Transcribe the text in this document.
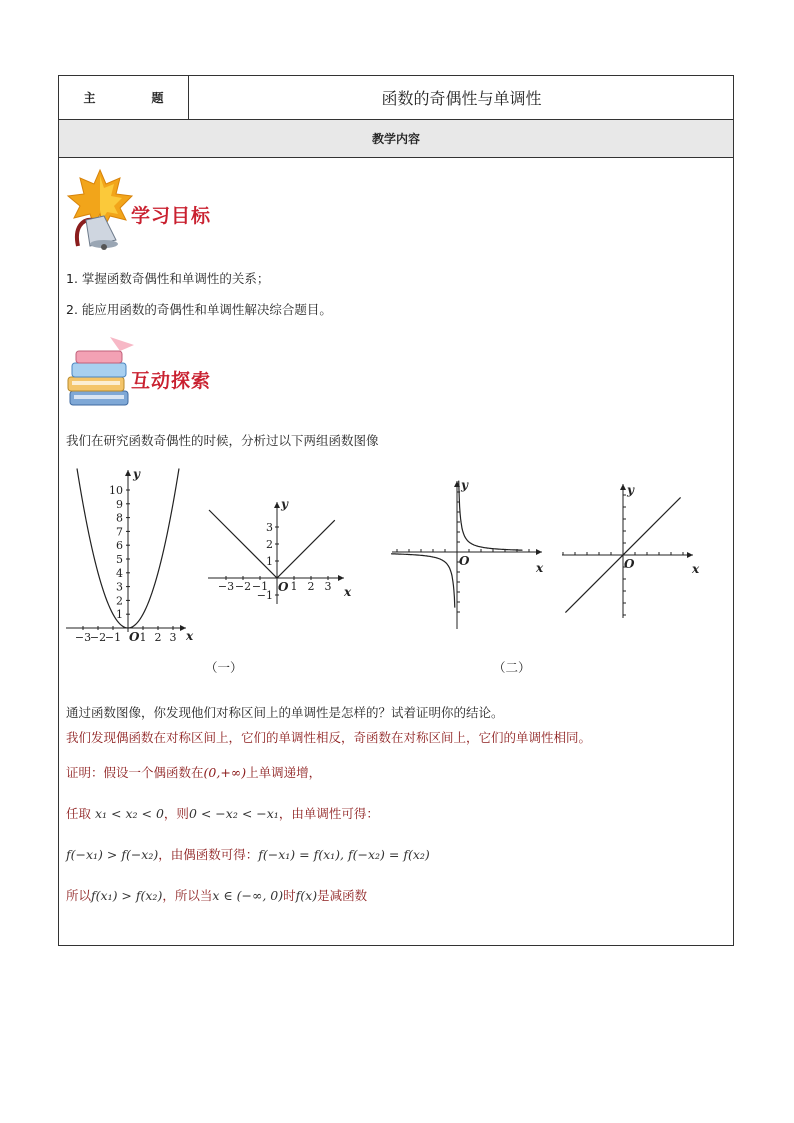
主　题	函数的奇偶性与单调性
教学内容
学习目标
1. 掌握函数奇偶性和单调性的关系；
2. 能应用函数的奇偶性和单调性解决综合题目。
互动探索
我们在研究函数奇偶性的时候，分析过以下两组函数图像
10
9
8
7
6
5
4
3
2
1
−3
−2
−1 1 2 3
y
x
O
3
2
1
−1
−3 −2 −1 1 2 3
y
x
O
y
x
O
y
x
O
（一）	（二）
通过函数图像，你发现他们对称区间上的单调性是怎样的？试着证明你的结论。
我们发现偶函数在对称区间上，它们的单调性相反，奇函数在对称区间上，它们的单调性相同。
证明：假设一个偶函数在(0,+∞)上单调递增，
任取 x₁ < x₂ < 0，则0 < −x₂ < −x₁，由单调性可得：
f(−x₁) > f(−x₂)，由偶函数可得：f(−x₁) = f(x₁), f(−x₂) = f(x₂)
所以f(x₁) > f(x₂)，所以当x ∈ (−∞, 0)时f(x)是减函数
